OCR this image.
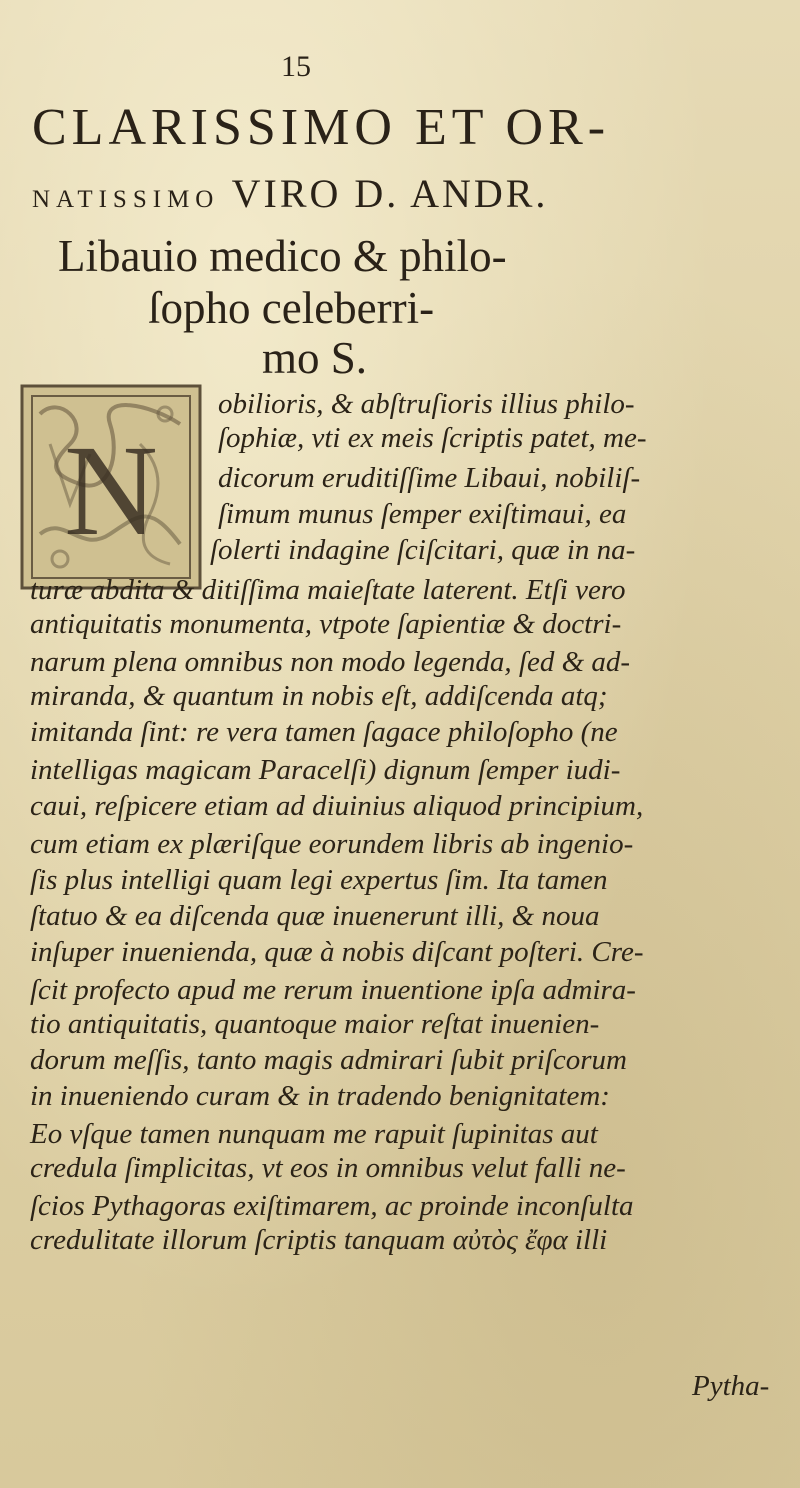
15
CLARISSIMO ET OR-
NATISSIMO VIRO D. ANDR.
Libauio medico & philo-
ſopho celeberri-
mo S.
N
obilioris, & abſtruſioris illius philo-
ſophiæ, vti ex meis ſcriptis patet, me-
dicorum eruditiſſime Libaui, nobiliſ-
ſimum munus ſemper exiſtimaui, ea
ſolerti indagine ſciſcitari, quæ in na-
turæ abdita & ditiſſima maieſtate laterent. Etſi vero
antiquitatis monumenta, vtpote ſapientiæ & doctri-
narum plena omnibus non modo legenda, ſed & ad-
miranda, & quantum in nobis eſt, addiſcenda atq;
imitanda ſint: re vera tamen ſagace philoſopho (ne
intelligas magicam Paracelſi) dignum ſemper iudi-
caui, reſpicere etiam ad diuinius aliquod principium,
cum etiam ex plæriſque eorundem libris ab ingenio-
ſis plus intelligi quam legi expertus ſim. Ita tamen
ſtatuo & ea diſcenda quæ inuenerunt illi, & noua
inſuper inuenienda, quæ à nobis diſcant poſteri. Cre-
ſcit profecto apud me rerum inuentione ipſa admira-
tio antiquitatis, quantoque maior reſtat inuenien-
dorum meſſis, tanto magis admirari ſubit priſcorum
in inueniendo curam & in tradendo benignitatem:
Eo vſque tamen nunquam me rapuit ſupinitas aut
credula ſimplicitas, vt eos in omnibus velut falli ne-
ſcios Pythagoras exiſtimarem, ac proinde inconſulta
credulitate illorum ſcriptis tanquam αὐτὸς ἔφα illi
Pytha-
